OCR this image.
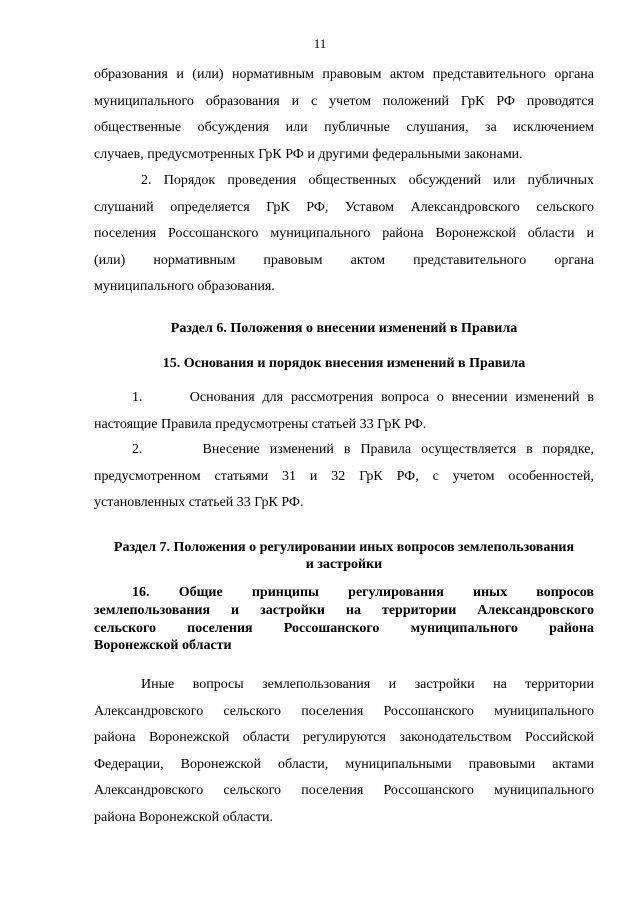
11

образования и (или) нормативным правовым актом представительного органа

муниципального образования и с учетом положений ГрК РФ проводятся

общественные обсуждения или публичные слушания, за исключением

случаев, предусмотренных ГрК РФ и другими федеральными законами.

2. Порядок проведения общественных обсуждений или публичных

слушаний определяется ГрК РФ, Уставом Александровского сельского

поселения Россошанского муниципального района Воронежской области и

(или) нормативным правовым актом представительного органа

муниципального образования.

Раздел 6. Положения о внесении изменений в Правила

15. Основания и порядок внесения изменений в Правила

1.      Основания для рассмотрения вопроса о внесении изменений в

настоящие Правила предусмотрены статьей 33 ГрК РФ.

2.      Внесение изменений в Правила осуществляется в порядке,

предусмотренном статьями 31 и 32 ГрК РФ, с учетом особенностей,

установленных статьей 33 ГрК РФ.

Раздел 7. Положения о регулировании иных вопросов землепользования

и застройки

16.     Общие     принципы     регулирования     иных     вопросов

землепользования и застройки на территории Александровского

сельского поселения Россошанского муниципального района

Воронежской области

Иные вопросы землепользования и застройки на территории

Александровского сельского поселения Россошанского муниципального

района Воронежской области регулируются законодательством Российской

Федерации, Воронежской области, муниципальными правовыми актами

Александровского сельского поселения Россошанского муниципального

района Воронежской области.
